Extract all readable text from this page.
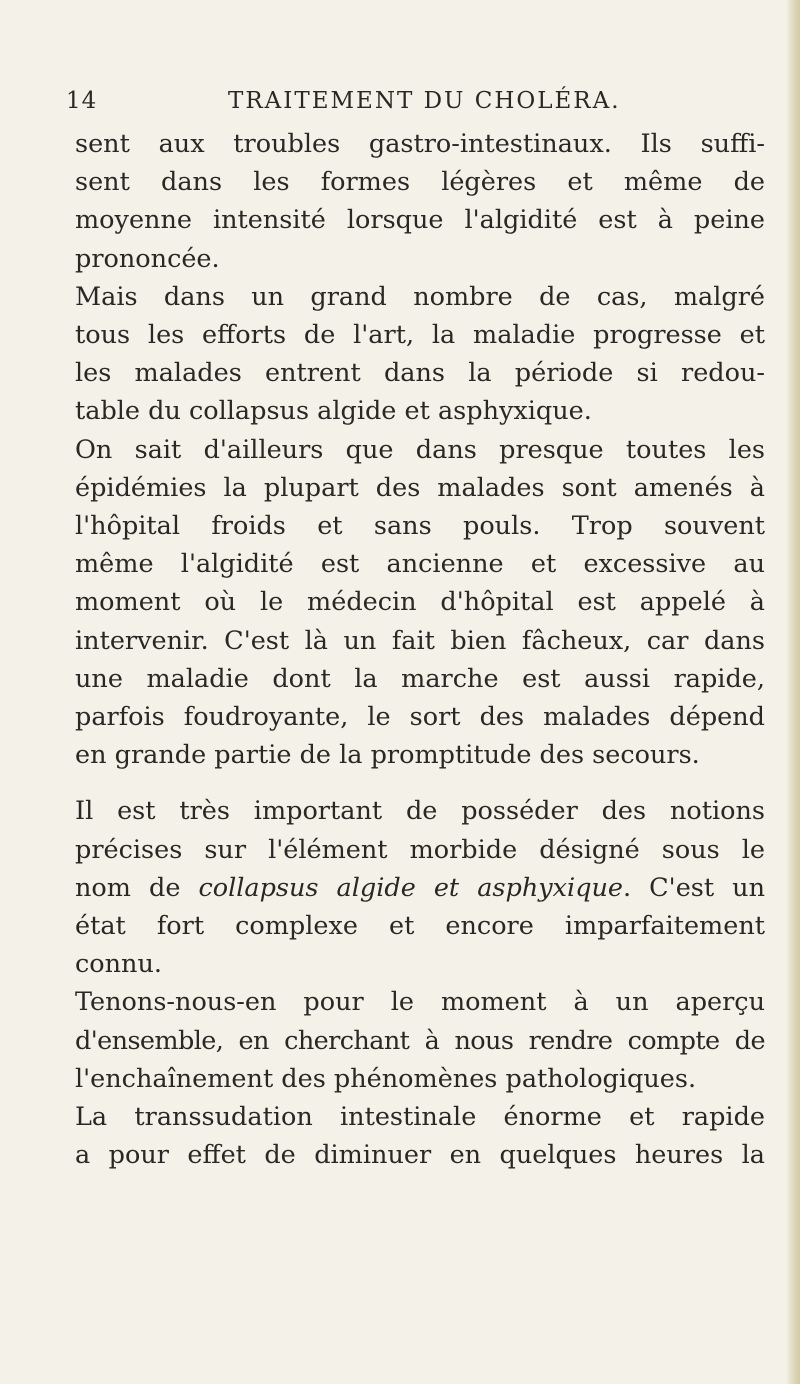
14	TRAITEMENT DU CHOLÉRA.
sent aux troubles gastro-intestinaux. Ils suffi-
sent dans les formes légères et même de
moyenne intensité lorsque l'algidité est à peine
prononcée.
Mais dans un grand nombre de cas, malgré
tous les efforts de l'art, la maladie progresse et
les malades entrent dans la période si redou-
table du collapsus algide et asphyxique.
On sait d'ailleurs que dans presque toutes les
épidémies la plupart des malades sont amenés à
l'hôpital froids et sans pouls. Trop souvent
même l'algidité est ancienne et excessive au
moment où le médecin d'hôpital est appelé à
intervenir. C'est là un fait bien fâcheux, car dans
une maladie dont la marche est aussi rapide,
parfois foudroyante, le sort des malades dépend
en grande partie de la promptitude des secours.
Il est très important de posséder des notions
précises sur l'élément morbide désigné sous le
nom de collapsus algide et asphyxique. C'est un
état fort complexe et encore imparfaitement
connu.
Tenons-nous-en pour le moment à un aperçu
d'ensemble, en cherchant à nous rendre compte de
l'enchaînement des phénomènes pathologiques.
La transsudation intestinale énorme et rapide
a pour effet de diminuer en quelques heures la
